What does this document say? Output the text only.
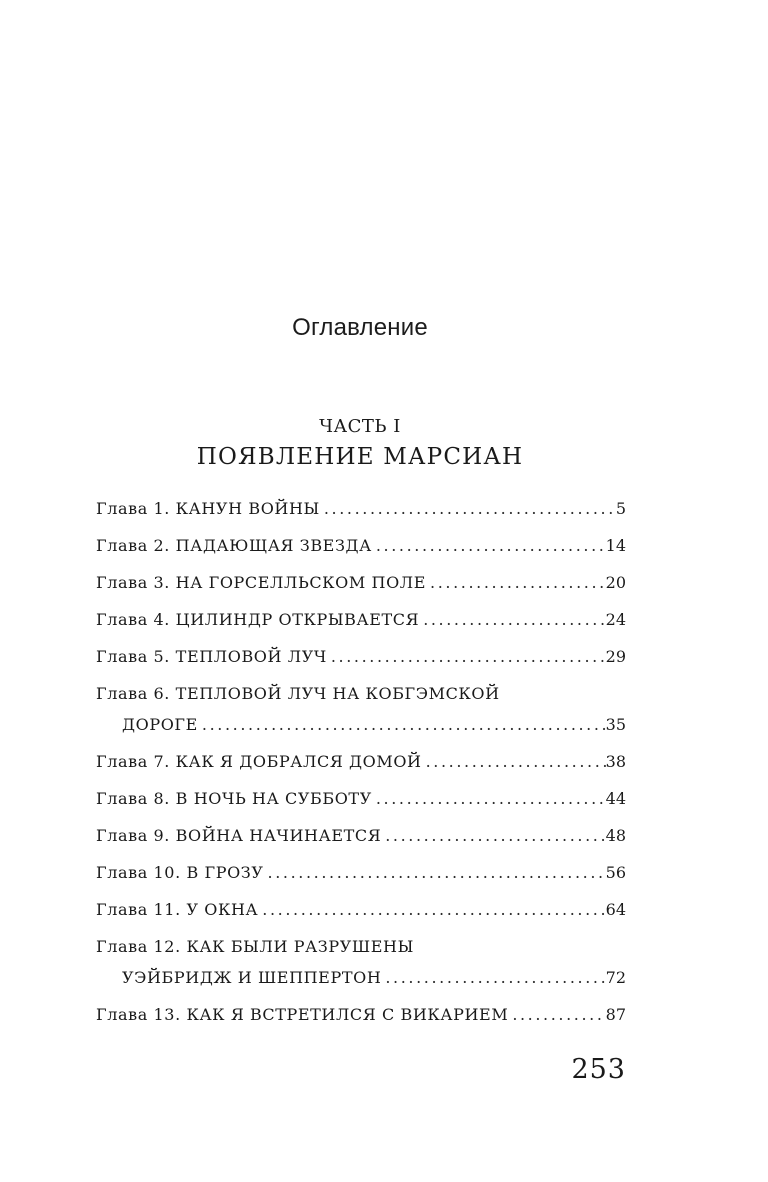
Оглавление
ЧАСТЬ I
ПОЯВЛЕНИЕ МАРСИАН
Глава 1. КАНУН ВОЙНЫ .....	5
Глава 2. ПАДАЮЩАЯ ЗВЕЗДА .....	14
Глава 3. НА ГОРСЕЛЛЬСКОМ ПОЛЕ .....	20
Глава 4. ЦИЛИНДР ОТКРЫВАЕТСЯ .....	24
Глава 5. ТЕПЛОВОЙ ЛУЧ .....	29
Глава 6. ТЕПЛОВОЙ ЛУЧ НА КОБГЭМСКОЙ
ДОРОГЕ .....	35
Глава 7. КАК Я ДОБРАЛСЯ ДОМОЙ .....	38
Глава 8. В НОЧЬ НА СУББОТУ .....	44
Глава 9. ВОЙНА НАЧИНАЕТСЯ .....	48
Глава 10. В ГРОЗУ .....	56
Глава 11. У ОКНА .....	64
Глава 12. КАК БЫЛИ РАЗРУШЕНЫ
УЭЙБРИДЖ И ШЕППЕРТОН .....	72
Глава 13. КАК Я ВСТРЕТИЛСЯ С ВИКАРИЕМ .....	87
253
